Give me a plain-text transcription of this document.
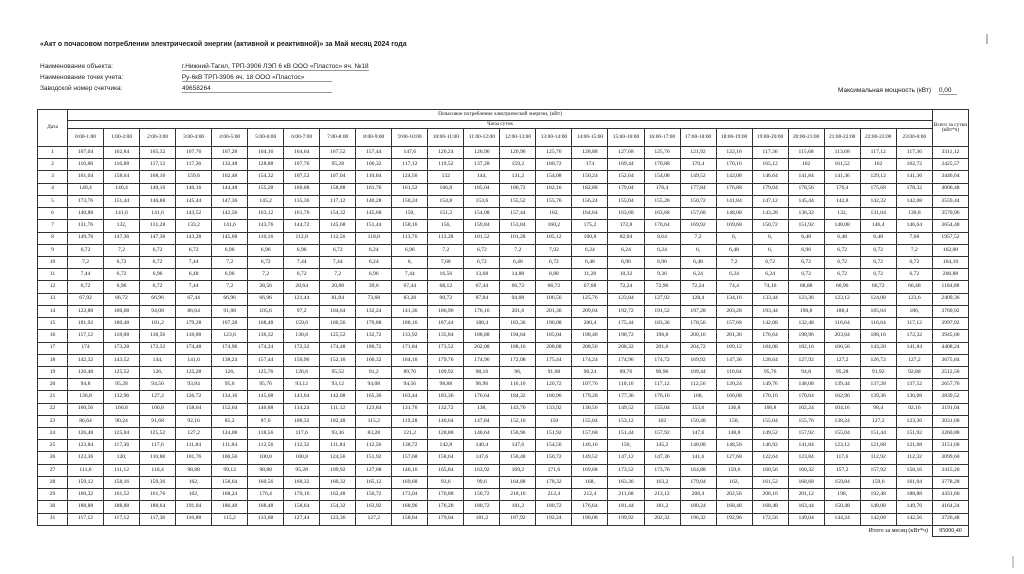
«Акт о почасовом потреблении электрической энергии (активной и реактивной)» за Май месяц 2024 года
Наименование объекта:	г.Нижний-Тагил, ТРП-3906 ЛЭП 6 кВ ООО «Пластос» яч. №18
Наименование точек учета:	Ру-6кВ ТРП-3906 яч. 18 ООО «Пластос»
Заводской номер счетчика:	49658264	Максимальная мощность (кВт) 0,00
Дата	Почасовое потребление электрической энергии, (кВт)																								Всего за сутки (кВт*ч)
	Часы суток																								
	0:00-1:00	1:00-2:00	2:00-3:00	3:00-4:00	4:00-5:00	5:00-6:00	6:00-7:00	7:00-8:00	8:00-9:00	9:00-10:00	10:00-11:00	11:00-12:00	12:00-13:00	13:00-14:00	14:00-15:00	15:00-16:00	16:00-17:00	17:00-18:00	18:00-19:00	19:00-20:00	20:00-21:00	21:00-22:00	22:00-23:00	23:00-0:00	
1	167,04	162,84	165,32	167,76	167,28	164,16	164,64	167,52	157,44	147,6	126,24	126,96	126,96	125,76	128,88	127,68	125,76	121,92	122,16	117,36	115,68	113,68	117,12	117,36	3311,12
2	116,88	116,88	117,12	117,36	132,48	128,88	107,76	95,28	106,32	117,12	119,52	137,28	159,2	180,72	174	169,44	170,88	170,4	170,16	165,12	162	161,52	162	162,72	3425,57
3	161,04	158,64	168,16	159,6	162,48	154,32	107,52	107,04	110,04	124,56	132	144,	131,2	154,08	150,24	152,64	154,08	149,52	142,08	146,64	141,84	141,36	129,12	141,36	3446,64
4	140,4	140,4	140,16	140,16	144,48	155,28	160,08	158,88	161,76	161,52	166,8	185,04	186,72	182,16	182,88	179,04	176,4	177,84	176,88	179,04	178,56	176,4	175,68	178,32	4006,48
5	173,76	151,44	146,88	145,44	147,36	145,2	135,36	117,12	140,28	150,24	154,8	153,6	155,52	155,76	156,24	155,04	155,28	150,72	141,84	147,12	145,44	142,8	142,32	142,08	3559,44
6	140,88	141,6	141,6	143,52	142,56	163,12	161,76	154,32	145,68	150,	151,2	154,08	157,44	162,	164,64	163,68	163,68	157,68	148,08	143,28	136,32	132,	131,04	130,8	3570,96
7	131,76	132,	131,28	133,2	141,6	143,76	144,72	145,68	151,44	158,16	156,	159,84	153,84	160,2	175,2	172,8	170,64	169,92	169,68	150,72	151,92	148,08	146,4	146,64	3654,48
8	149,76	147,36	147,36	143,28	145,68	116,16	112,8	112,56	118,8	113,76	113,28	101,52	101,28	105,12	100,8	82,04	8,64	7,2	6,	6,	6,48	6,48	6,48	7,68	1957,52
9	6,72	7,2	6,72	6,72	6,96	6,96	6,96	6,72	6,24	6,96	7,2	6,72	7,2	7,92	6,24	6,24	6,24	6,	6,48	6,	6,96	6,72	6,72	7,2	162,00
10	7,2	6,72	6,72	7,44	7,2	6,72	7,44	7,44	6,24	6,	7,68	6,72	6,48	6,72	6,48	6,96	6,96	6,48	7,2	6,72	6,72	6,72	6,72	6,72	164,16
11	7,44	6,72	6,96	6,48	6,96	7,2	6,72	7,2	6,96	7,44	16,56	13,68	14,88	8,88	11,28	10,32	9,36	6,24	6,24	6,24	6,72	6,72	6,72	6,72	200,88
12	6,72	6,96	6,72	7,44	7,2	28,56	20,64	20,88	39,6	67,44	68,12	67,44	66,72	66,72	67,68	72,24	72,96	72,24	74,4	74,16	68,88	66,96	66,72	66,48	1184,88
13	67,92	66,72	66,96	67,44	66,96	66,96	121,44	81,84	73,68	83,28	90,72	87,84	94,08	106,56	125,76	123,84	127,92	128,4	134,16	133,44	123,36	123,12	124,08	123,6	2409,36
14	122,88	100,68	94,08	86,64	91,68	105,6	97,2	104,64	132,24	141,36	186,96	176,16	201,6	201,36	209,04	192,72	191,52	197,28	203,28	193,44	190,8	188,4	185,04	186,	3760,92
15	181,92	180,48	181,2	179,28	167,28	168,48	159,6	160,56	170,88	188,16	187,44	188,4	183,36	190,08	200,4	175,44	183,36	178,56	157,68	142,08	132,48	116,64	116,64	117,12	3997,92
16	117,12	118,08	118,56	118,08	123,6	136,32	130,8	125,52	132,72	133,92	135,84	188,88	194,64	185,04	198,48	198,72	196,8	200,16	201,36	176,64	198,96	203,04	188,16	172,32	3945,60
17	174	173,28	172,32	174,48	174,96	174,24	172,32	174,48	180,72	171,84	173,52	202,08	188,16	208,08	208,56	208,32	201,6	204,72	189,12	184,08	182,16	166,56	143,28	141,84	4408,24
18	142,32	143,52	144,	141,6	138,24	157,44	150,96	152,16	160,32	164,16	179,76	174,96	172,08	175,44	174,24	174,96	174,72	169,92	147,36	128,64	127,92	127,2	126,72	127,2	3675,84
19	126,48	125,52	126,	125,28	126,	125,76	126,6	95,52	91,2	89,76	109,92	98,16	96,	91,68	90,24	89,76	90,96	109,44	110,64	95,76	94,8	95,28	91,92	92,88	2512,56
20	94,8	95,28	94,56	93,84	95,6	95,76	93,12	93,12	94,08	94,56	98,88	96,96	116,16	120,72	107,76	110,16	117,12	112,56	120,24	149,76	148,08	139,44	137,28	137,52	2657,76
21	136,8	132,96	127,2	126,72	134,16	145,68	143,04	142,08	165,36	163,44	183,36	176,64	184,32	180,96	179,28	177,36	176,16	168,	166,08	170,16	170,64	162,96	139,36	136,68	3839,52
22	160,56	160,8	160,8	158,64	152,64	140,88	114,24	111,12	123,84	131,76	132,72	138,	143,76	133,92	130,56	149,52	155,04	153,6	136,8	106,8	102,24	104,16	98,4	92,16	3191,04
23	86,64	90,24	91,68	92,16	85,2	87,6	100,32	102,48	115,2	119,28	140,64	147,84	152,16	150	155,04	153,12	162	150,48	150,	155,04	155,76	138,24	127,2	123,36	3031,68
24	126,48	125,04	125,52	127,2	124,08	118,56	117,6	93,36	83,28	121,2	128,88	140,64	150,96	151,92	157,68	151,44	157,92	147,6	148,8	149,52	157,92	155,04	151,44	151,92	3260,88
25	123,84	117,36	117,6	111,84	111,84	112,56	112,32	111,84	112,56	138,72	142,8	140,4	147,6	154,56	146,16	150,	145,2	148,08	148,56	146,92	141,84	123,12	121,68	121,68	3151,68
26	123,36	120,	110,88	101,76	100,56	100,8	100,8	124,56	151,92	157,68	158,64	147,6	150,48	150,72	149,52	147,12	147,36	141,6	127,68	122,64	123,84	117,6	112,92	112,32	3099,60
27	111,6	111,12	110,4	98,88	99,12	98,88	95,28	109,92	127,68	146,16	165,84	163,92	169,2	171,6	169,68	173,52	173,76	164,88	159,6	160,56	160,32	157,2	157,92	158,16	3415,20
28	159,12	158,16	159,36	162,	158,64	160,56	160,32	160,32	165,12	169,68	93,6	99,6	164,88	178,32	168,	163,36	163,2	179,04	162,	161,52	168,68	159,84	159,6	161,04	3778,28
29	160,32	161,52	161,76	162,	168,24	176,4	170,16	162,48	150,72	173,04	170,88	150,72	218,16	212,4	212,4	211,68	213,12	206,4	202,56	206,16	201,12	198,	192,48	188,88	4431,60
30	188,88	188,88	188,64	191,04	186,48	168,48	158,64	154,32	163,92	168,96	176,28	180,72	181,2	180,72	176,64	181,44	181,2	180,24	168,48	168,48	163,44	150,48	148,08	149,76	4164,24
31	117,12	117,12	117,36	116,88	115,2	133,68	127,44	123,36	127,2	158,64	179,04	181,2	187,92	192,24	196,08	199,92	202,32	196,32	192,96	172,56	149,04	144,24	142,08	142,56	3726,48
Итого за месяц (кВт*ч)																									95000,40
